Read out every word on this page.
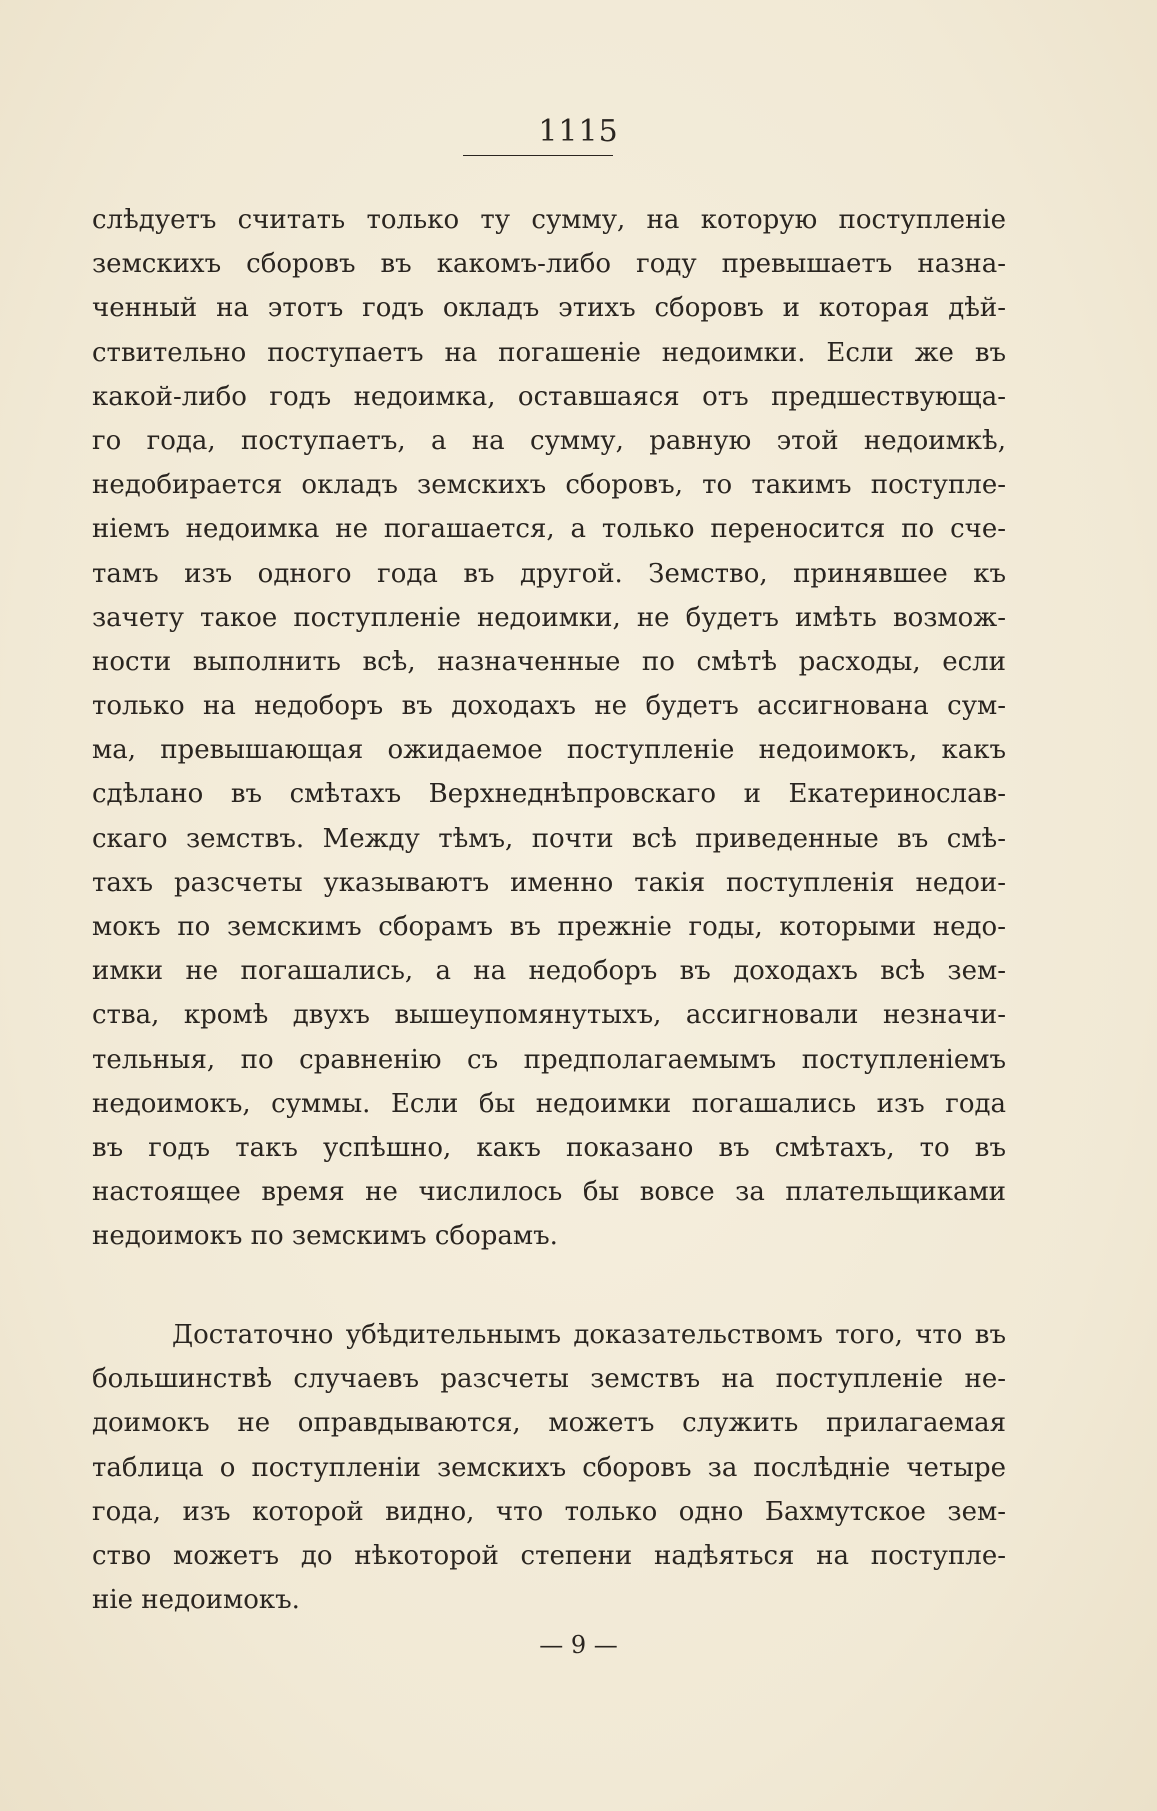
1115
слѣдуетъ считать только ту сумму, на которую поступленіе
земскихъ сборовъ въ какомъ-либо году превышаетъ назна-
ченный на этотъ годъ окладъ этихъ сборовъ и которая дѣй-
ствительно поступаетъ на погашеніе недоимки. Если же въ
какой-либо годъ недоимка, оставшаяся отъ предшествующа-
го года, поступаетъ, а на сумму, равную этой недоимкѣ,
недобирается окладъ земскихъ сборовъ, то такимъ поступле-
ніемъ недоимка не погашается, а только переносится по сче-
тамъ изъ одного года въ другой. Земство, принявшее къ
зачету такое поступленіе недоимки, не будетъ имѣть возмож-
ности выполнить всѣ, назначенные по смѣтѣ расходы, если
только на недоборъ въ доходахъ не будетъ ассигнована сум-
ма, превышающая ожидаемое поступленіе недоимокъ, какъ
сдѣлано въ смѣтахъ Верхнеднѣпровскаго и Екатеринослав-
скаго земствъ. Между тѣмъ, почти всѣ приведенные въ смѣ-
тахъ разсчеты указываютъ именно такія поступленія недои-
мокъ по земскимъ сборамъ въ прежніе годы, которыми недо-
имки не погашались, а на недоборъ въ доходахъ всѣ зем-
ства, кромѣ двухъ вышеупомянутыхъ, ассигновали незначи-
тельныя, по сравненію съ предполагаемымъ поступленіемъ
недоимокъ, суммы. Если бы недоимки погашались изъ года
въ годъ такъ успѣшно, какъ показано въ смѣтахъ, то въ
настоящее время не числилось бы вовсе за плательщиками
недоимокъ по земскимъ сборамъ.
Достаточно убѣдительнымъ доказательствомъ того, что въ
большинствѣ случаевъ разсчеты земствъ на поступленіе не-
доимокъ не оправдываются, можетъ служить прилагаемая
таблица о поступленіи земскихъ сборовъ за послѣдніе четыре
года, изъ которой видно, что только одно Бахмутское зем-
ство можетъ до нѣкоторой степени надѣяться на поступле-
ніе недоимокъ.
— 9 —
